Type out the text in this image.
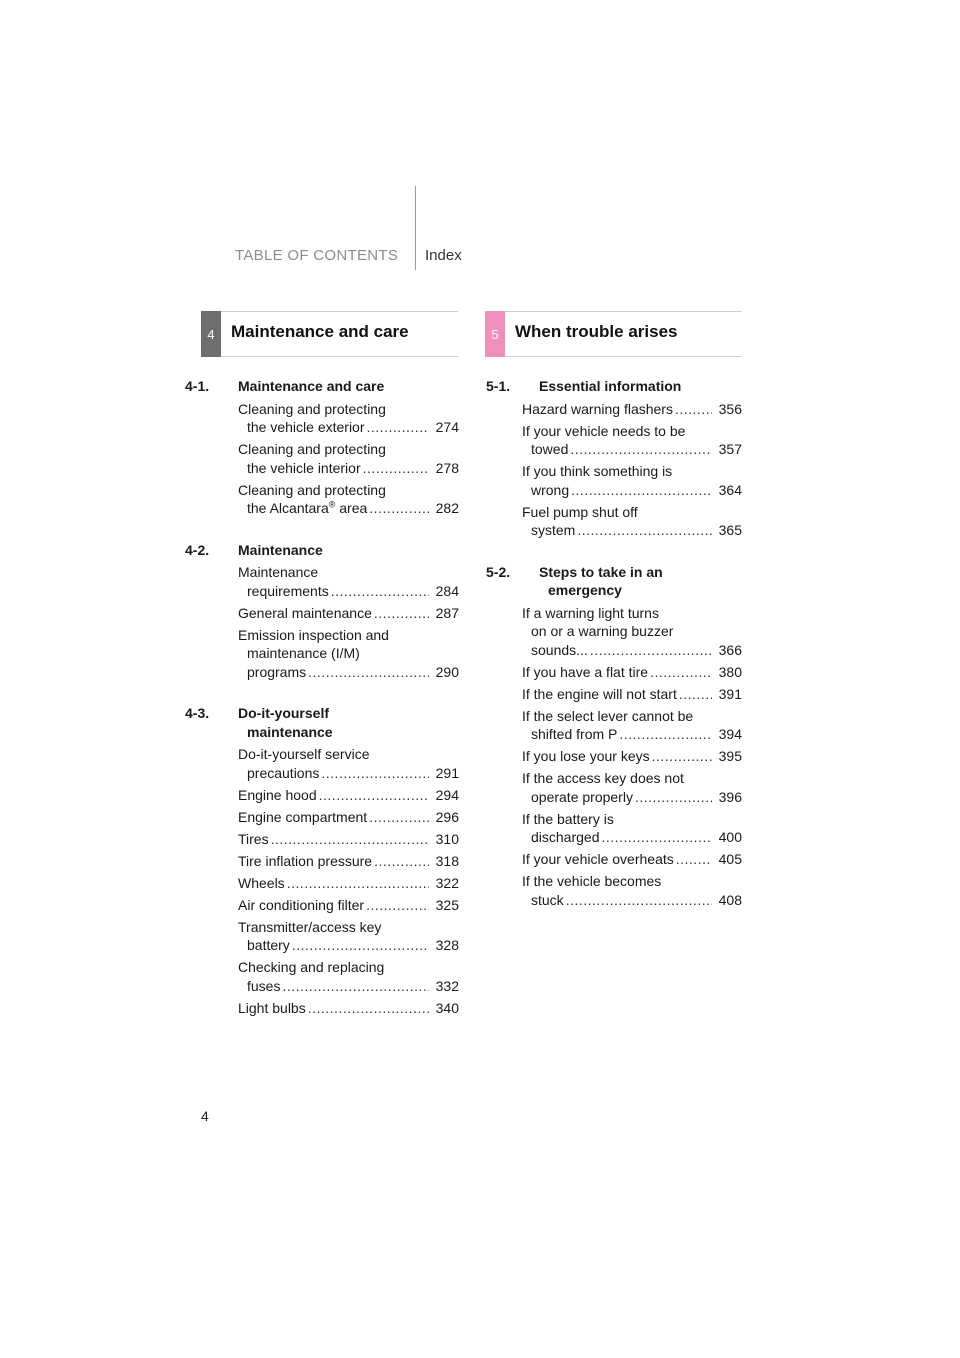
TABLE OF CONTENTS Index
4 Maintenance and care	5 When trouble arises
4-1.	Maintenance and care
Cleaning and protecting
the vehicle exterior .....	274
Cleaning and protecting
the vehicle interior .....	278
Cleaning and protecting
the Alcantara® area .....	282
4-2.	Maintenance
Maintenance
requirements .....	284
General maintenance .....	287
Emission inspection and
maintenance (I/M)
programs .....	290
4-3.	Do-it-yourself
maintenance
Do-it-yourself service
precautions .....	291
Engine hood .....	294
Engine compartment .....	296
Tires .....	310
Tire inflation pressure .....	318
Wheels .....	322
Air conditioning filter .....	325
Transmitter/access key
battery .....	328
Checking and replacing
fuses .....	332
Light bulbs .....	340
5-1.	Essential information
Hazard warning flashers .....	356
If your vehicle needs to be
towed .....	357
If you think something is
wrong .....	364
Fuel pump shut off
system .....	365
5-2.	Steps to take in an
emergency
If a warning light turns
on or a warning buzzer
sounds... .....	366
If you have a flat tire .....	380
If the engine will not start .....	391
If the select lever cannot be
shifted from P .....	394
If you lose your keys .....	395
If the access key does not
operate properly .....	396
If the battery is
discharged .....	400
If your vehicle overheats .....	405
If the vehicle becomes
stuck .....	408
4
